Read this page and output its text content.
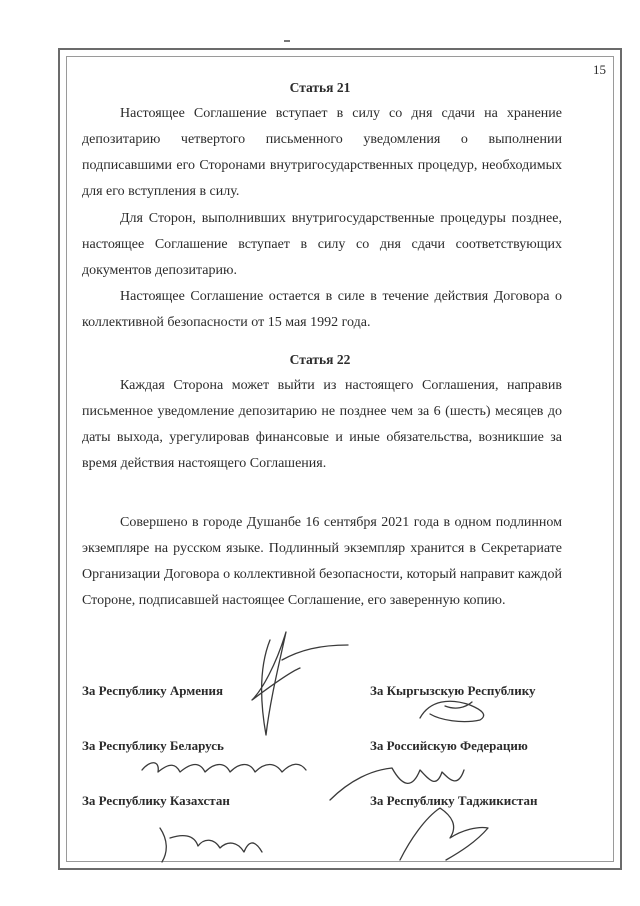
15
Статья 21

Настоящее Соглашение вступает в силу со дня сдачи на хранение депозитарию четвертого письменного уведомления о выполнении подписавшими его Сторонами внутригосударственных процедур, необходимых для его вступления в силу.

Для Сторон, выполнивших внутригосударственные процедуры позднее, настоящее Соглашение вступает в силу со дня сдачи соответствующих документов депозитарию.

Настоящее Соглашение остается в силе в течение действия Договора о коллективной безопасности от 15 мая 1992 года.

Статья 22

Каждая Сторона может выйти из настоящего Соглашения, направив письменное уведомление депозитарию не позднее чем за 6 (шесть) месяцев до даты выхода, урегулировав финансовые и иные обязательства, возникшие за время действия настоящего Соглашения.

Совершено в городе Душанбе 16 сентября 2021 года в одном подлинном экземпляре на русском языке. Подлинный экземпляр хранится в Секретариате Организации Договора о коллективной безопасности, который направит каждой Стороне, подписавшей настоящее Соглашение, его заверенную копию.

За Республику Армения	За Кыргызскую Республику
За Республику Беларусь	За Российскую Федерацию
За Республику Казахстан	За Республику Таджикистан
